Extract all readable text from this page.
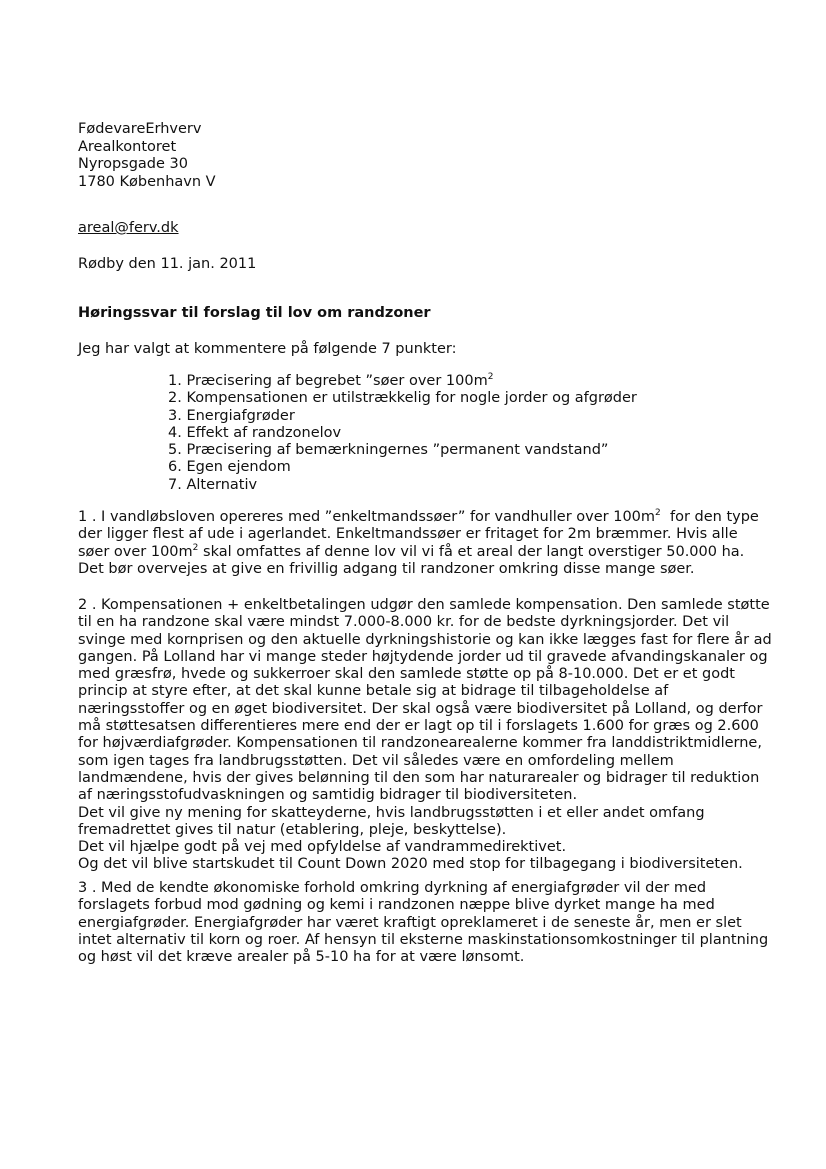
FødevareErhverv
Arealkontoret
Nyropsgade 30
1780 København V
areal@ferv.dk
Rødby den 11. jan. 2011
Høringssvar til forslag til lov om randzoner
Jeg har valgt at kommentere på følgende 7 punkter:
1. Præcisering af begrebet ”søer over $100m^2$
2. Kompensationen er utilstrækkelig for nogle jorder og afgrøder
3. Energiafgrøder
4. Effekt af randzonelov
5. Præcisering af bemærkningernes ”permanent vandstand”
6. Egen ejendom
7. Alternativ
1 . I vandløbsloven opereres med ”enkeltmandssøer” for vandhuller over $100m^2$  for den type
der ligger flest af ude i agerlandet. Enkeltmandssøer er fritaget for 2m bræmmer. Hvis alle
søer over $100m^2$ skal omfattes af denne lov vil vi få et areal der langt overstiger 50.000 ha.
Det bør overvejes at give en frivillig adgang til randzoner omkring disse mange søer.
2 . Kompensationen + enkeltbetalingen udgør den samlede kompensation. Den samlede støtte
til en ha randzone skal være mindst 7.000-8.000 kr. for de bedste dyrkningsjorder. Det vil
svinge med kornprisen og den aktuelle dyrkningshistorie og kan ikke lægges fast for flere år ad
gangen. På Lolland har vi mange steder højtydende jorder ud til gravede afvandingskanaler og
med græsfrø, hvede og sukkerroer skal den samlede støtte op på 8-10.000. Det er et godt
princip at styre efter, at det skal kunne betale sig at bidrage til tilbageholdelse af
næringsstoffer og en øget biodiversitet. Der skal også være biodiversitet på Lolland, og derfor
må støttesatsen differentieres mere end der er lagt op til i forslagets 1.600 for græs og 2.600
for højværdiafgrøder. Kompensationen til randzonearealerne kommer fra landdistriktmidlerne,
som igen tages fra landbrugsstøtten. Det vil således være en omfordeling mellem
landmændene, hvis der gives belønning til den som har naturarealer og bidrager til reduktion
af næringsstofudvaskningen og samtidig bidrager til biodiversiteten.
Det vil give ny mening for skatteyderne, hvis landbrugsstøtten i et eller andet omfang
fremadrettet gives til natur (etablering, pleje, beskyttelse).
Det vil hjælpe godt på vej med opfyldelse af vandrammedirektivet.
Og det vil blive startskudet til Count Down 2020 med stop for tilbagegang i biodiversiteten.
3 . Med de kendte økonomiske forhold omkring dyrkning af energiafgrøder vil der med
forslagets forbud mod gødning og kemi i randzonen næppe blive dyrket mange ha med
energiafgrøder. Energiafgrøder har været kraftigt opreklameret i de seneste år, men er slet
intet alternativ til korn og roer. Af hensyn til eksterne maskinstationsomkostninger til plantning
og høst vil det kræve arealer på 5-10 ha for at være lønsomt.
